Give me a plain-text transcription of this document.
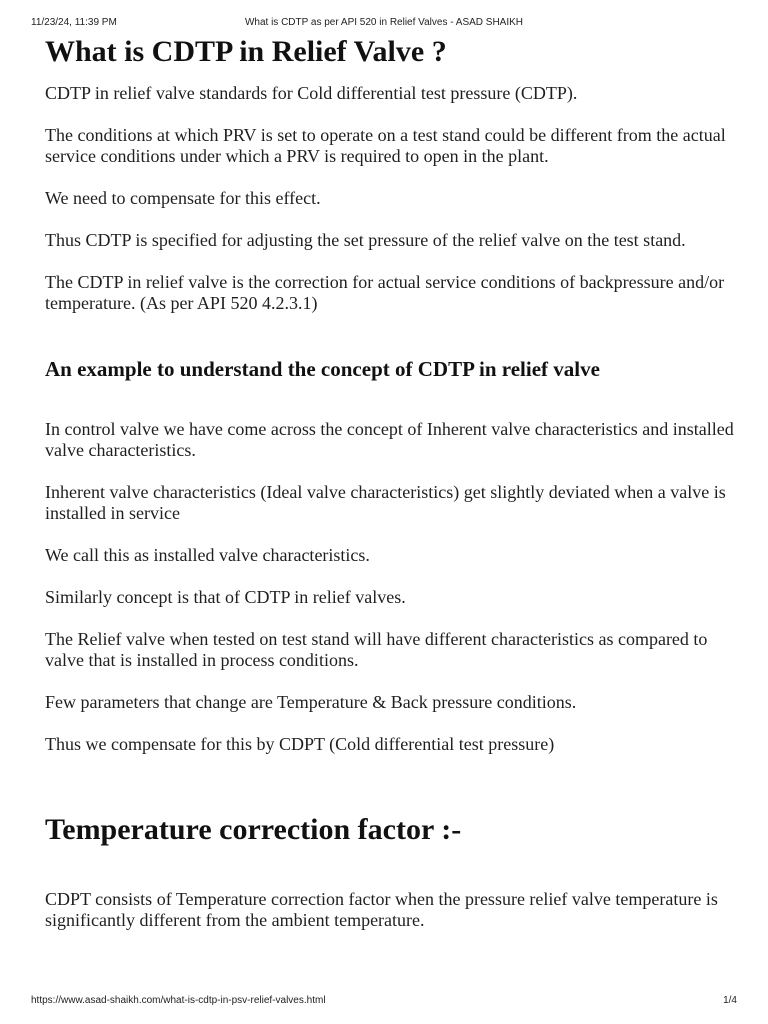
11/23/24, 11:39 PM	What is CDTP as per API 520 in Relief Valves - ASAD SHAIKH
What is CDTP in Relief Valve ?

CDTP in relief valve standards for Cold differential test pressure (CDTP).

The conditions at which PRV is set to operate on a test stand could be different from the actual service conditions under which a PRV is required to open in the plant.

We need to compensate for this effect.

Thus CDTP is specified for adjusting the set pressure of the relief valve on the test stand.

The CDTP in relief valve is the correction for actual service conditions of backpressure and/or temperature. (As per API 520 4.2.3.1)

An example to understand the concept of CDTP in relief valve

In control valve we have come across the concept of Inherent valve characteristics and installed valve characteristics.

Inherent valve characteristics (Ideal valve characteristics) get slightly deviated when a valve is installed in service

We call this as installed valve characteristics.

Similarly concept is that of CDTP in relief valves.

The Relief valve when tested on test stand will have different characteristics as compared to valve that is installed in process conditions.

Few parameters that change are Temperature & Back pressure conditions.

Thus we compensate for this by CDPT (Cold differential test pressure)

Temperature correction factor :-

CDPT consists of Temperature correction factor when the pressure relief valve temperature is significantly different from the ambient temperature.

https://www.asad-shaikh.com/what-is-cdtp-in-psv-relief-valves.html	1/4
